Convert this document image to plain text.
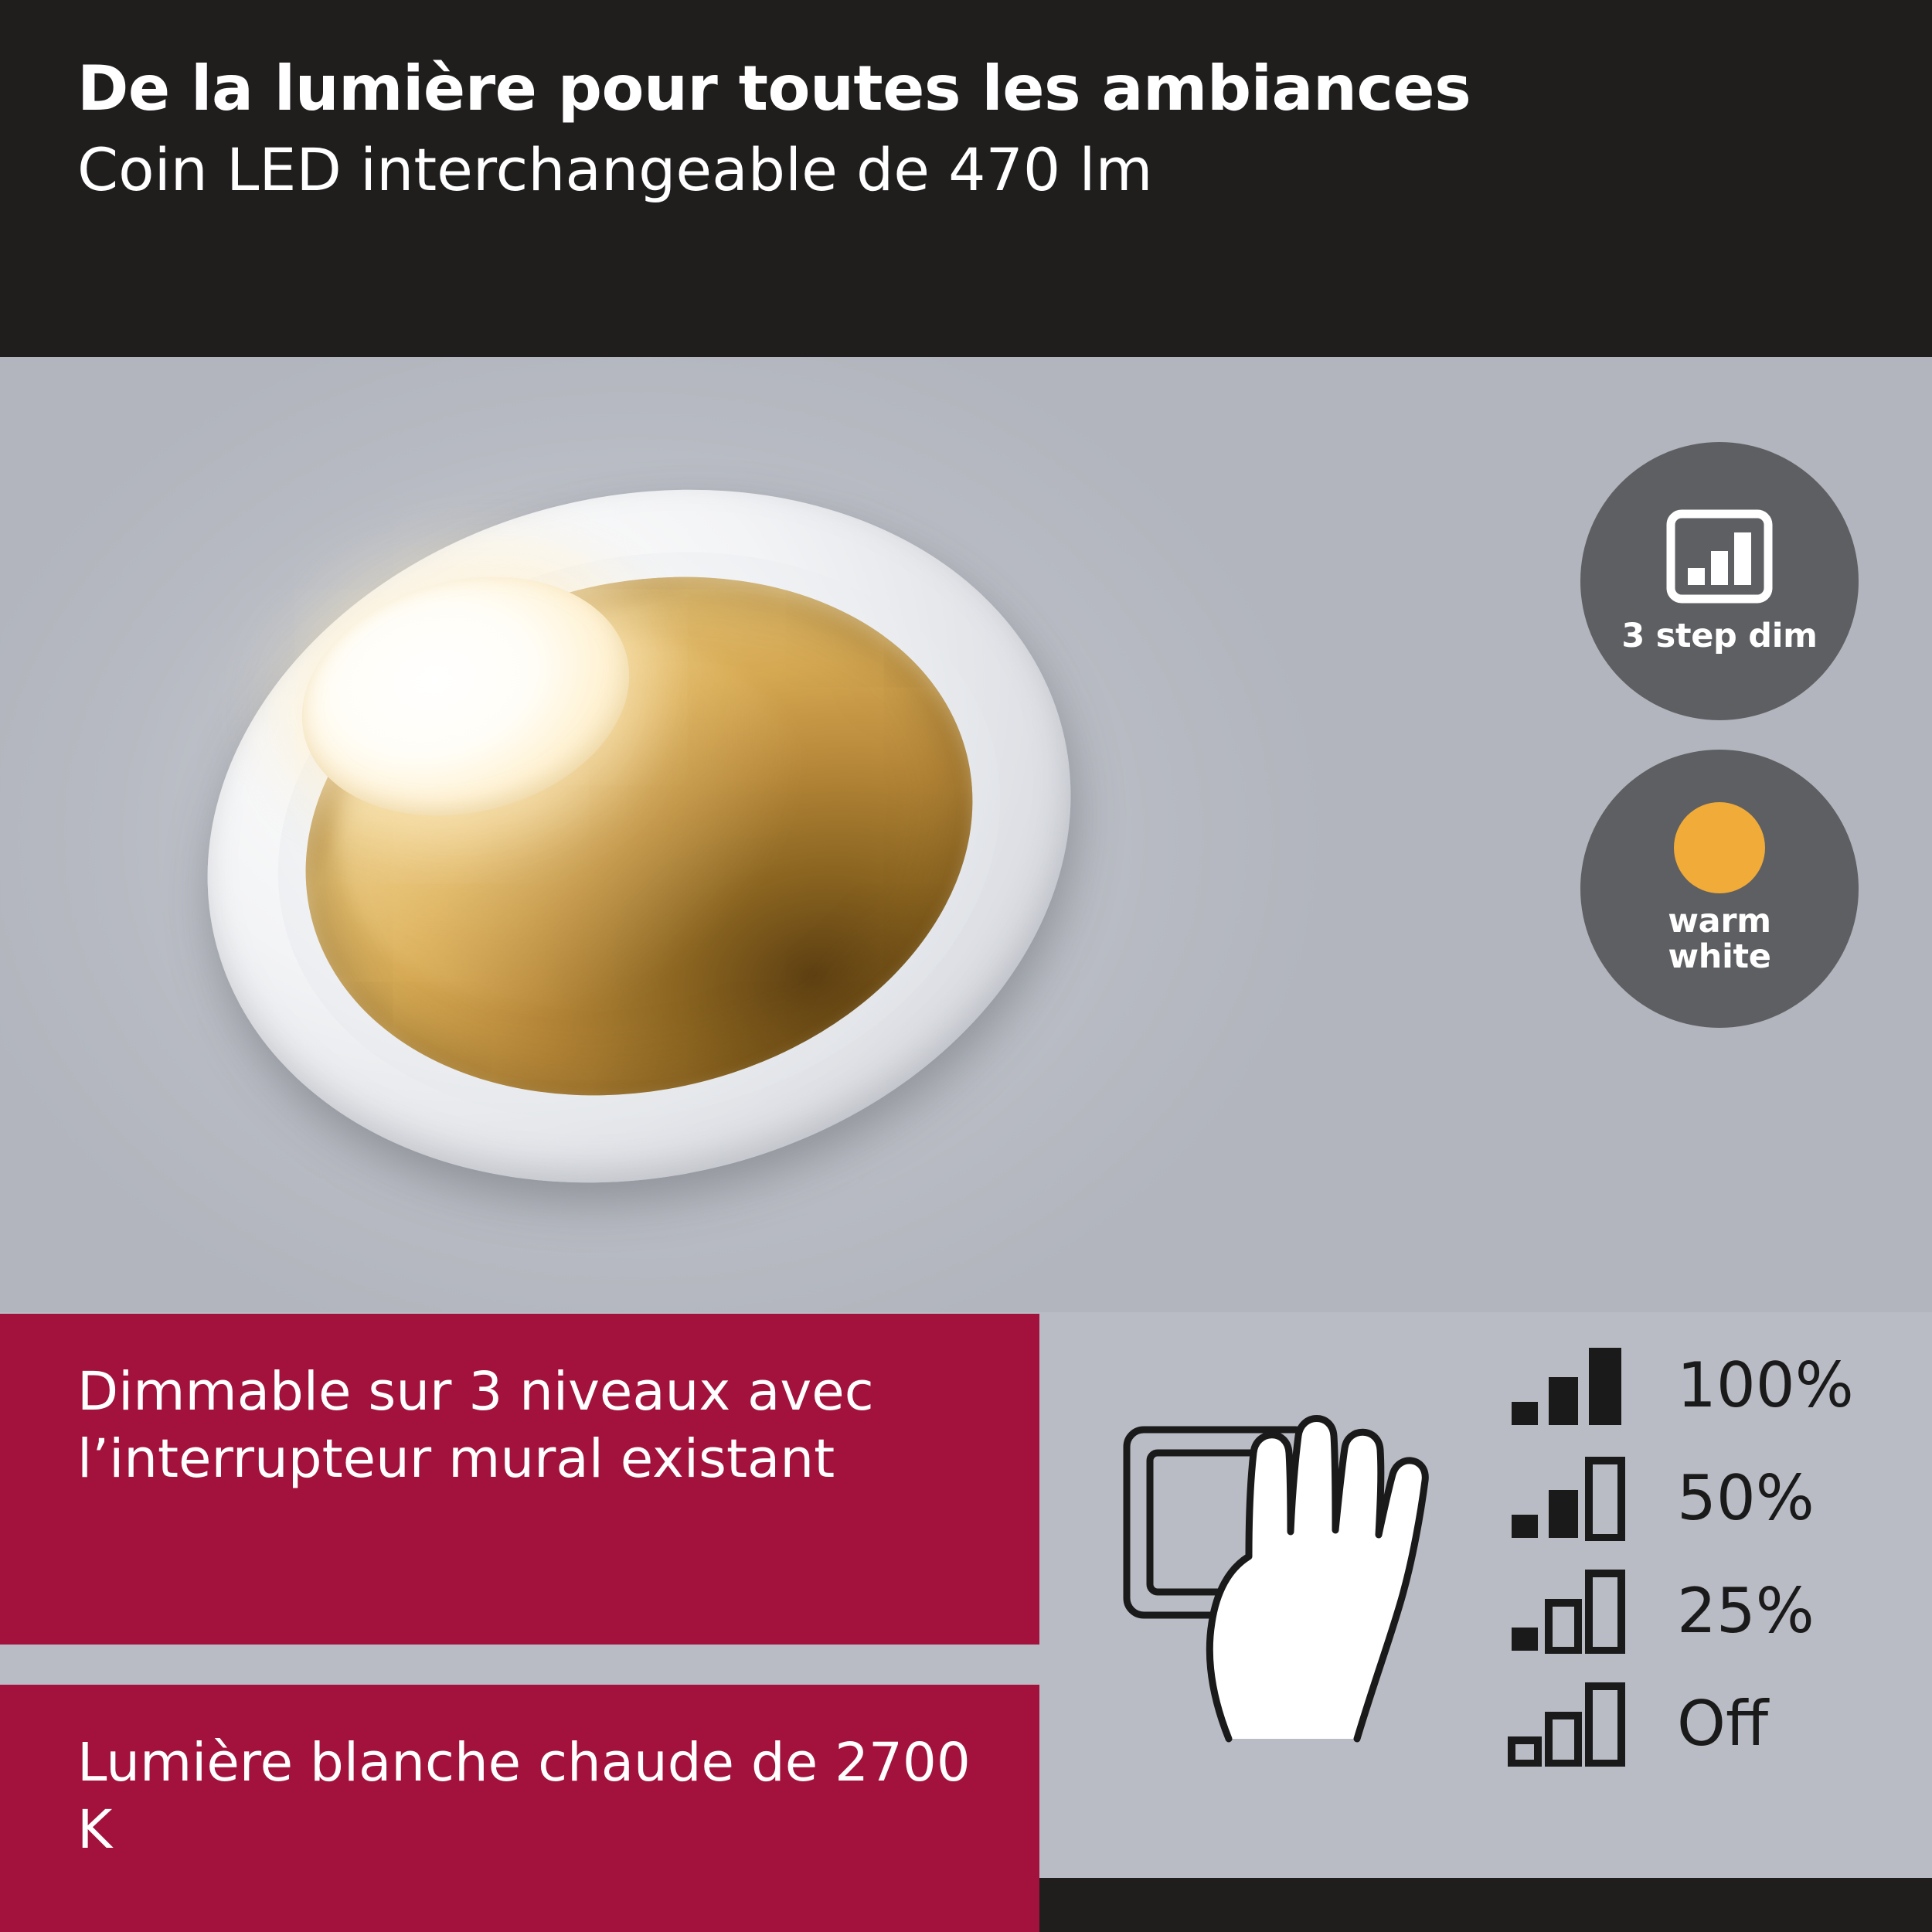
De la lumière pour toutes les ambiances
Coin LED interchangeable de 470 lm
3 step dim
warm
white
Dimmable sur 3 niveaux avec l’interrupteur mural existant
Lumière blanche chaude de 2700 K
100%
50%
25%
Off
